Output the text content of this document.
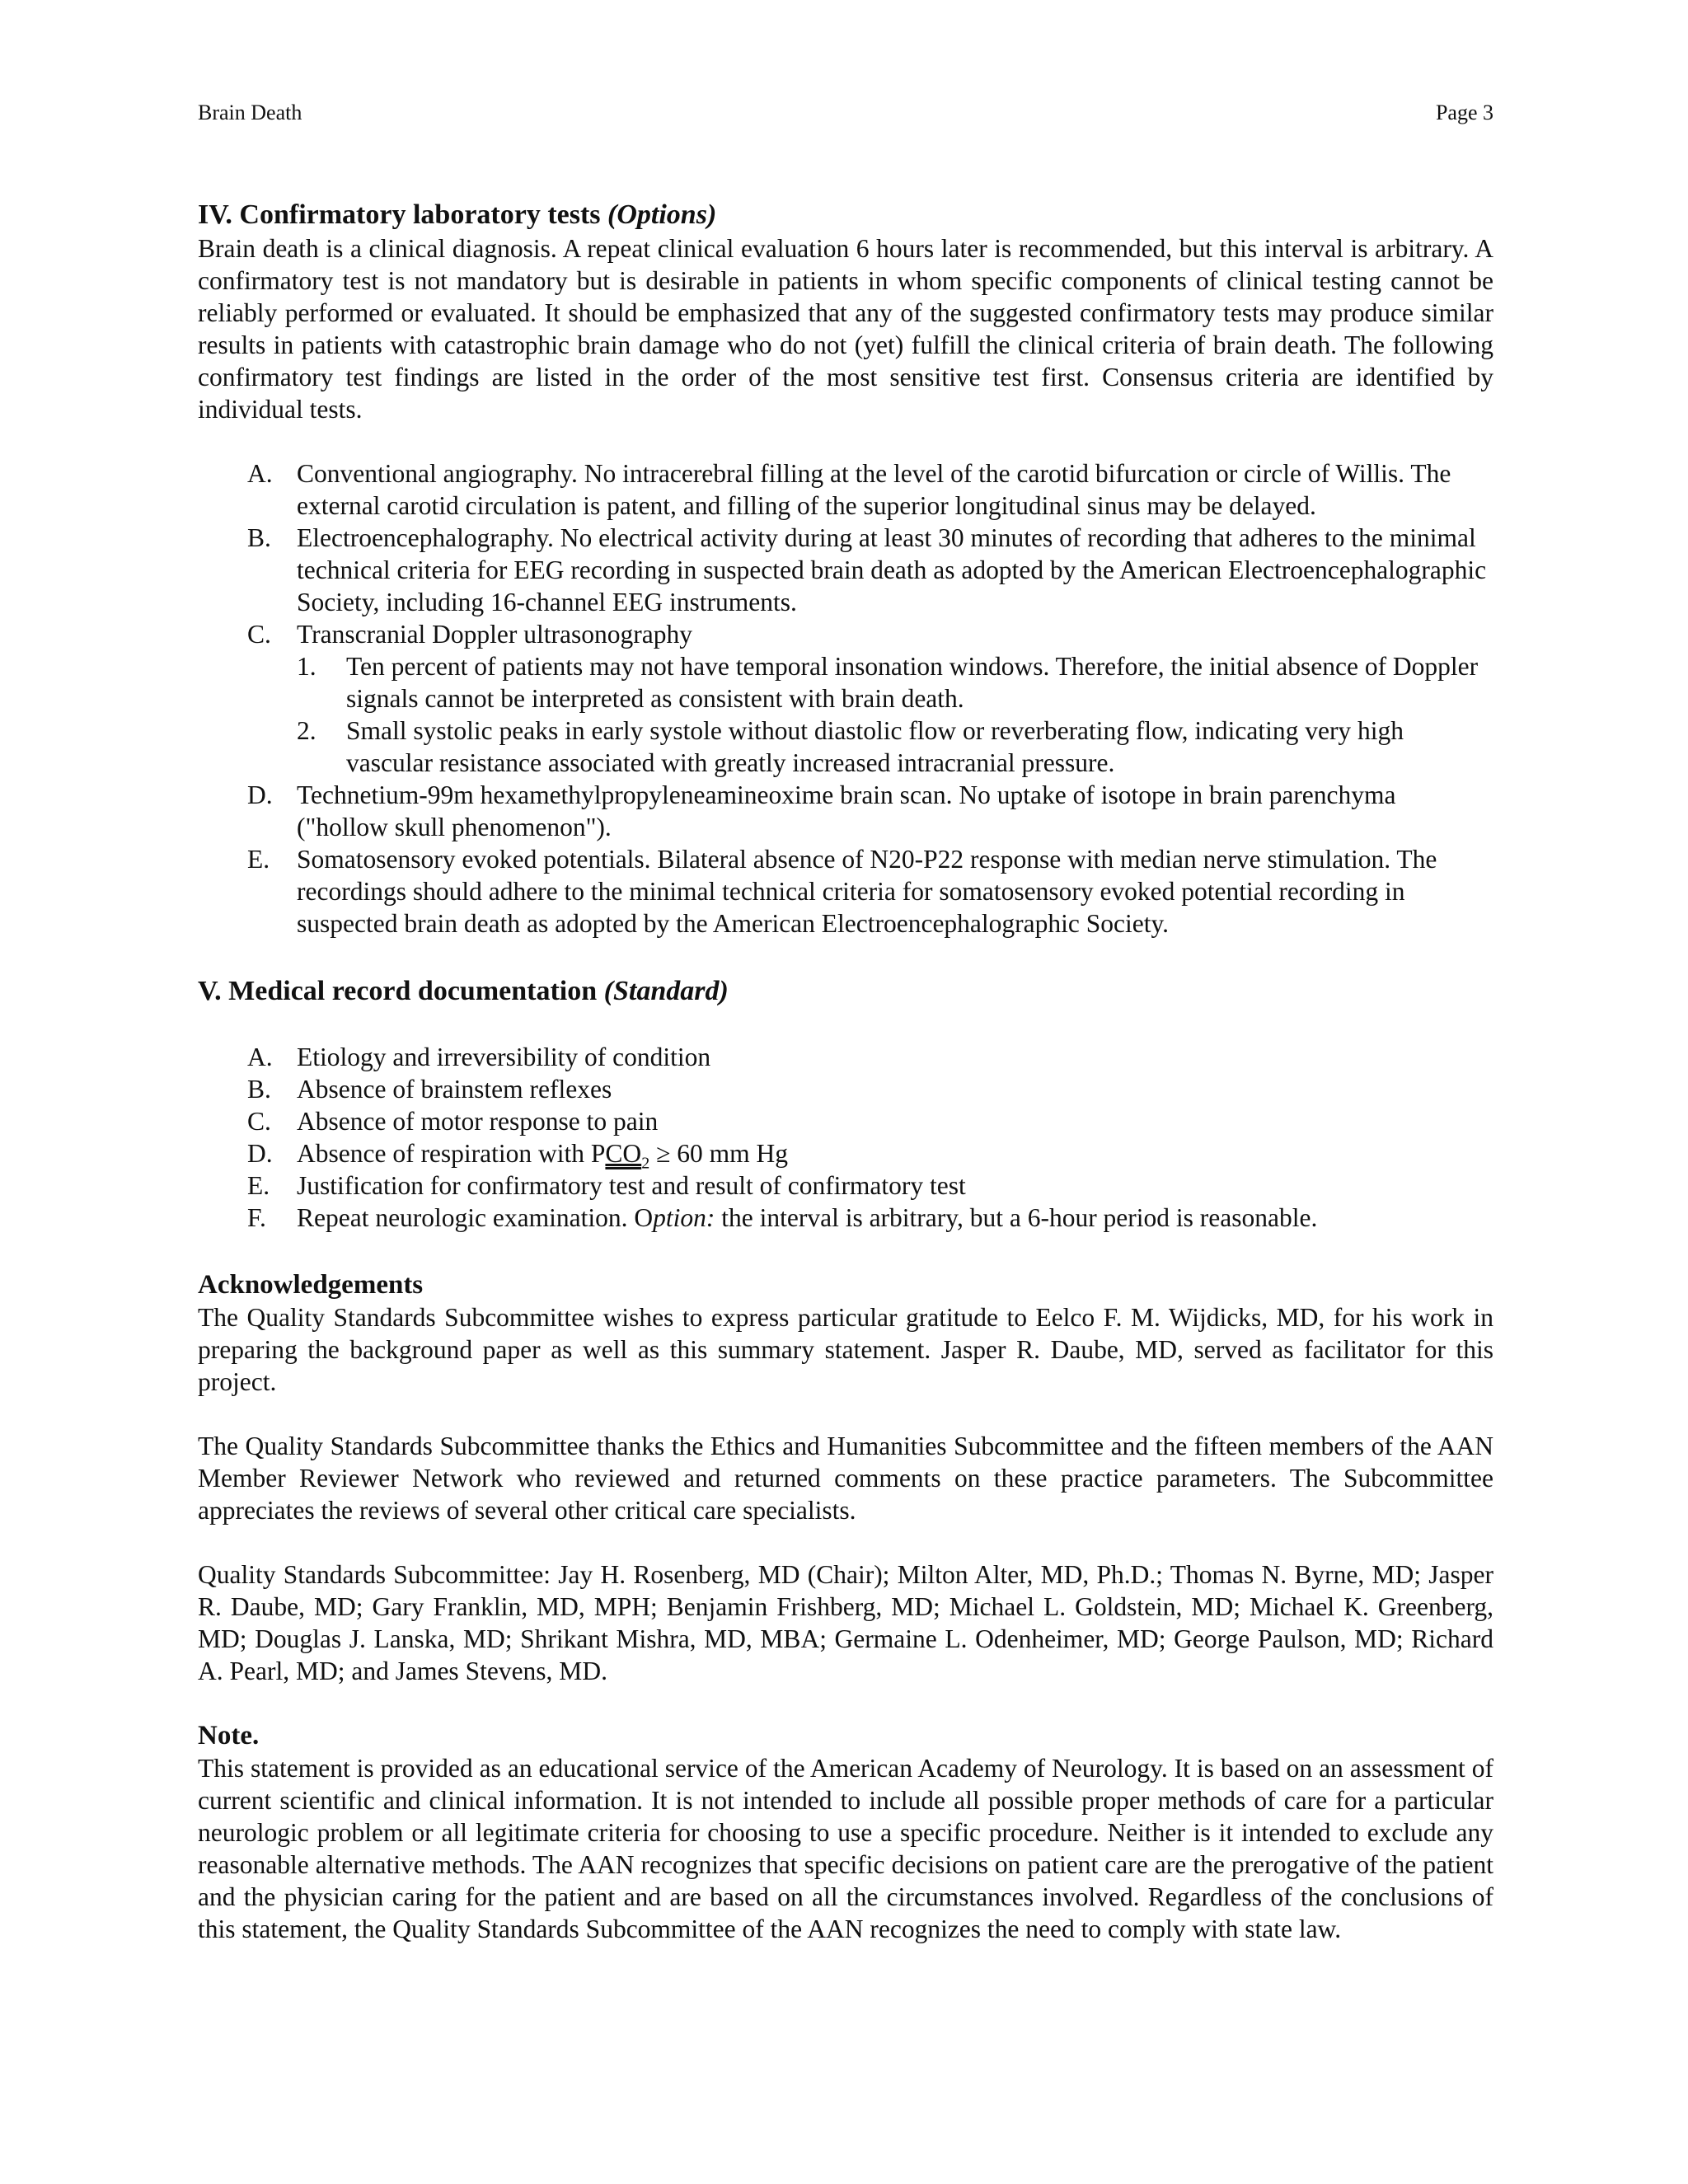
Brain Death	Page 3
IV. Confirmatory laboratory tests (Options)

Brain death is a clinical diagnosis. A repeat clinical evaluation 6 hours later is recommended, but this interval is arbitrary. A confirmatory test is not mandatory but is desirable in patients in whom specific components of clinical testing cannot be reliably performed or evaluated. It should be emphasized that any of the suggested confirmatory tests may produce similar results in patients with catastrophic brain damage who do not (yet) fulfill the clinical criteria of brain death. The following confirmatory test findings are listed in the order of the most sensitive test first. Consensus criteria are identified by individual tests.

A. Conventional angiography. No intracerebral filling at the level of the carotid bifurcation or circle of Willis. The external carotid circulation is patent, and filling of the superior longitudinal sinus may be delayed.
B. Electroencephalography. No electrical activity during at least 30 minutes of recording that adheres to the minimal technical criteria for EEG recording in suspected brain death as adopted by the American Electroencephalographic Society, including 16-channel EEG instruments.
C. Transcranial Doppler ultrasonography
1. Ten percent of patients may not have temporal insonation windows. Therefore, the initial absence of Doppler signals cannot be interpreted as consistent with brain death.
2. Small systolic peaks in early systole without diastolic flow or reverberating flow, indicating very high vascular resistance associated with greatly increased intracranial pressure.
D. Technetium-99m hexamethylpropyleneamineoxime brain scan. No uptake of isotope in brain parenchyma ("hollow skull phenomenon").
E. Somatosensory evoked potentials. Bilateral absence of N20-P22 response with median nerve stimulation. The recordings should adhere to the minimal technical criteria for somatosensory evoked potential recording in suspected brain death as adopted by the American Electroencephalographic Society.
V. Medical record documentation (Standard)
A. Etiology and irreversibility of condition
B. Absence of brainstem reflexes
C. Absence of motor response to pain
D. Absence of respiration with $PCO_2 \ge 60$ mm Hg
E. Justification for confirmatory test and result of confirmatory test
F. Repeat neurologic examination. Option: the interval is arbitrary, but a 6-hour period is reasonable.
Acknowledgements

The Quality Standards Subcommittee wishes to express particular gratitude to Eelco F. M. Wijdicks, MD, for his work in preparing the background paper as well as this summary statement. Jasper R. Daube, MD, served as facilitator for this project.

The Quality Standards Subcommittee thanks the Ethics and Humanities Subcommittee and the fifteen members of the AAN Member Reviewer Network who reviewed and returned comments on these practice parameters. The Subcommittee appreciates the reviews of several other critical care specialists.

Quality Standards Subcommittee: Jay H. Rosenberg, MD (Chair); Milton Alter, MD, Ph.D.; Thomas N. Byrne, MD; Jasper R. Daube, MD; Gary Franklin, MD, MPH; Benjamin Frishberg, MD; Michael L. Goldstein, MD; Michael K. Greenberg, MD; Douglas J. Lanska, MD; Shrikant Mishra, MD, MBA; Germaine L. Odenheimer, MD; George Paulson, MD; Richard A. Pearl, MD; and James Stevens, MD.

Note.

This statement is provided as an educational service of the American Academy of Neurology. It is based on an assessment of current scientific and clinical information. It is not intended to include all possible proper methods of care for a particular neurologic problem or all legitimate criteria for choosing to use a specific procedure. Neither is it intended to exclude any reasonable alternative methods. The AAN recognizes that specific decisions on patient care are the prerogative of the patient and the physician caring for the patient and are based on all the circumstances involved. Regardless of the conclusions of this statement, the Quality Standards Subcommittee of the AAN recognizes the need to comply with state law.
